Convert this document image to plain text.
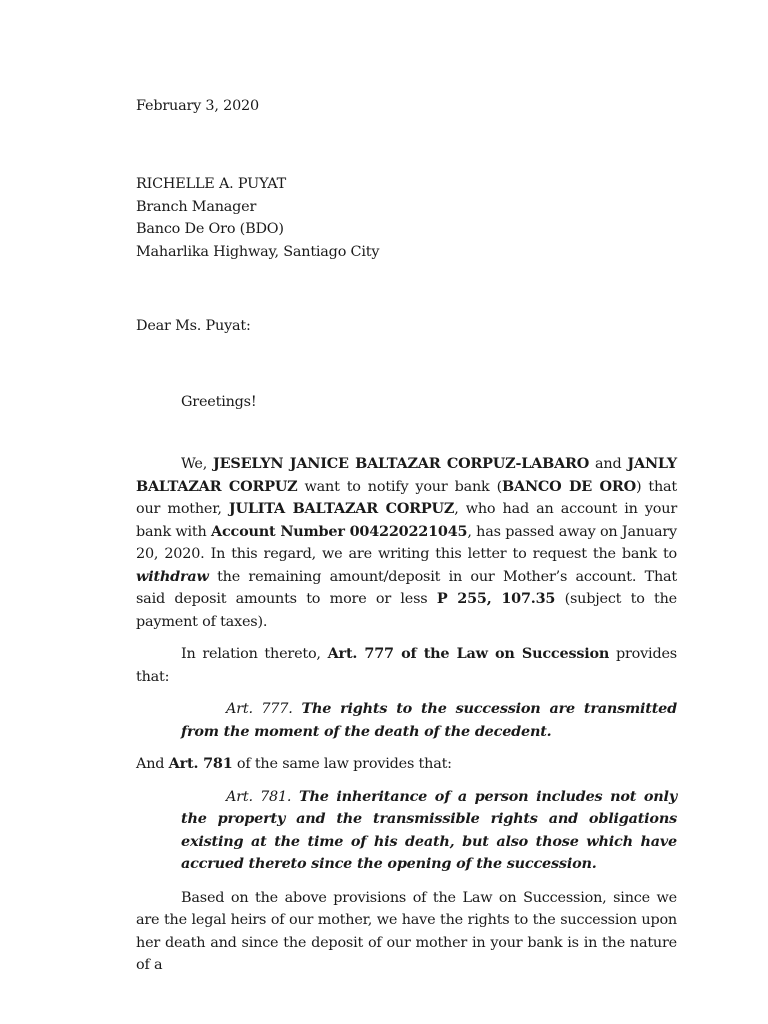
February 3, 2020

RICHELLE A. PUYAT
Branch Manager
Banco De Oro (BDO)
Maharlika Highway, Santiago City

Dear Ms. Puyat:

Greetings!

We, JESELYN JANICE BALTAZAR CORPUZ-LABARO and JANLY BALTAZAR CORPUZ want to notify your bank (BANCO DE ORO) that our mother, JULITA BALTAZAR CORPUZ, who had an account in your bank with Account Number 004220221045, has passed away on January 20, 2020. In this regard, we are writing this letter to request the bank to withdraw the remaining amount/deposit in our Mother’s account. That said deposit amounts to more or less P 255, 107.35 (subject to the payment of taxes).

In relation thereto, Art. 777 of the Law on Succession provides that:

Art. 777. The rights to the succession are transmitted from the moment of the death of the decedent.

And Art. 781 of the same law provides that:

Art. 781. The inheritance of a person includes not only the property and the transmissible rights and obligations existing at the time of his death, but also those which have accrued thereto since the opening of the succession.

Based on the above provisions of the Law on Succession, since we are the legal heirs of our mother, we have the rights to the succession upon her death and since the deposit of our mother in your bank is in the nature of a
